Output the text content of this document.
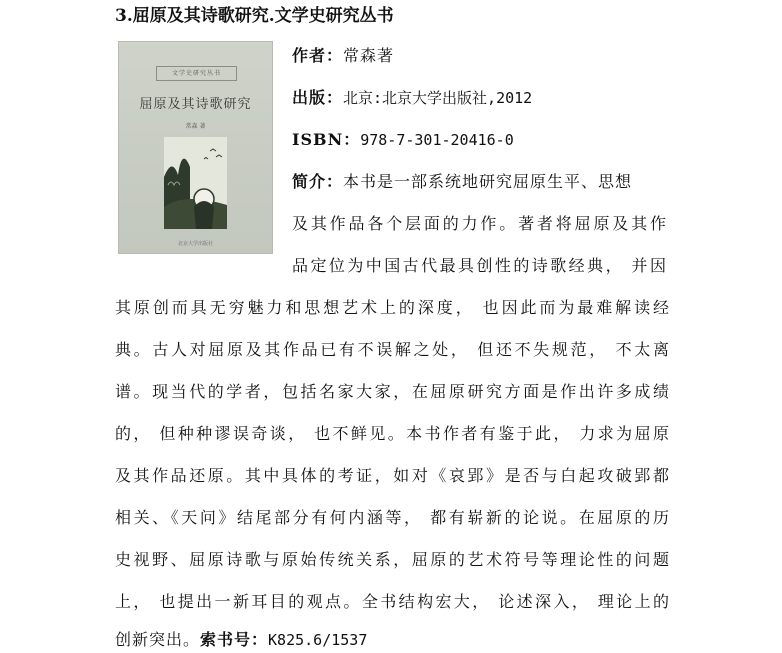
3.屈原及其诗歌研究.文学史研究丛书
文学史研究丛书
屈原及其诗歌研究
常森 著
北京大学出版社
作者：常森著
出版：北京:北京大学出版社,2012
ISBN：978-7-301-20416-0
简介：本书是一部系统地研究屈原生平、思想
及其作品各个层面的力作。著者将屈原及其作
品定位为中国古代最具创性的诗歌经典， 并因
其原创而具无穷魅力和思想艺术上的深度， 也因此而为最难解读经
典。古人对屈原及其作品已有不误解之处， 但还不失规范， 不太离
谱。现当代的学者，包括名家大家，在屈原研究方面是作出许多成绩
的， 但种种谬误奇谈， 也不鲜见。本书作者有鉴于此， 力求为屈原
及其作品还原。其中具体的考证，如对《哀郢》是否与白起攻破郢都
相关、《天问》结尾部分有何内涵等， 都有崭新的论说。在屈原的历
史视野、屈原诗歌与原始传统关系，屈原的艺术符号等理论性的问题
上， 也提出一新耳目的观点。全书结构宏大， 论述深入， 理论上的
创新突出。索书号：K825.6/1537
